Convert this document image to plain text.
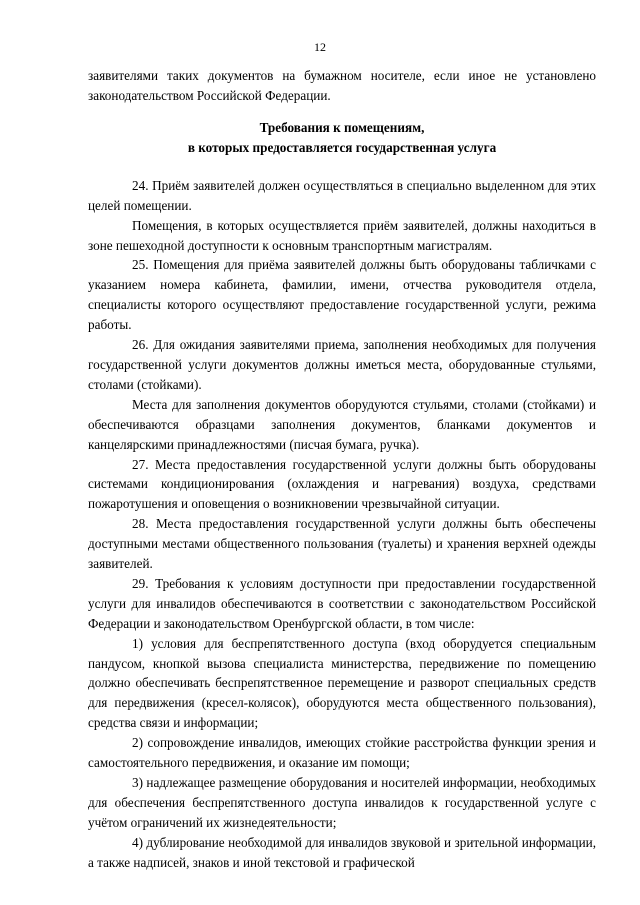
12

заявителями таких документов на бумажном носителе, если иное не установлено законодательством Российской Федерации.

Требования к помещениям,
в которых предоставляется государственная услуга

24. Приём заявителей должен осуществляться в специально выделенном для этих целей помещении.

Помещения, в которых осуществляется приём заявителей, должны находиться в зоне пешеходной доступности к основным транспортным магистралям.

25. Помещения для приёма заявителей должны быть оборудованы табличками с указанием номера кабинета, фамилии, имени, отчества руководителя отдела, специалисты которого осуществляют предоставление государственной услуги, режима работы.

26. Для ожидания заявителями приема, заполнения необходимых для получения государственной услуги документов должны иметься места, оборудованные стульями, столами (стойками).

Места для заполнения документов оборудуются стульями, столами (стойками) и обеспечиваются образцами заполнения документов, бланками документов и канцелярскими принадлежностями (писчая бумага, ручка).

27. Места предоставления государственной услуги должны быть оборудованы системами кондиционирования (охлаждения и нагревания) воздуха, средствами пожаротушения и оповещения о возникновении чрезвычайной ситуации.

28. Места предоставления государственной услуги должны быть обеспечены доступными местами общественного пользования (туалеты) и хранения верхней одежды заявителей.

29. Требования к условиям доступности при предоставлении государственной услуги для инвалидов обеспечиваются в соответствии с законодательством Российской Федерации и законодательством Оренбургской области, в том числе:

1) условия для беспрепятственного доступа (вход оборудуется специальным пандусом, кнопкой вызова специалиста министерства, передвижение по помещению должно обеспечивать беспрепятственное перемещение и разворот специальных средств для передвижения (кресел-колясок), оборудуются места общественного пользования), средства связи и информации;

2) сопровождение инвалидов, имеющих стойкие расстройства функции зрения и самостоятельного передвижения, и оказание им помощи;

3) надлежащее размещение оборудования и носителей информации, необходимых для обеспечения беспрепятственного доступа инвалидов к государственной услуге с учётом ограничений их жизнедеятельности;

4) дублирование необходимой для инвалидов звуковой и зрительной информации, а также надписей, знаков и иной текстовой и графической
